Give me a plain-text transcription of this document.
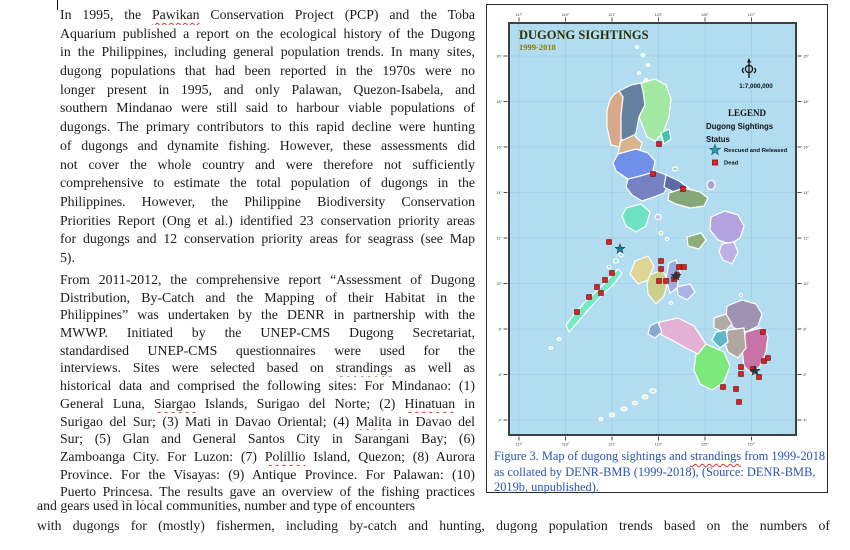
In 1995, the Pawikan Conservation Project (PCP) and the Toba
Aquarium published a report on the ecological history of the Dugong
in the Philippines, including general population trends. In many sites,
dugong populations that had been reported in the 1970s were no
longer present in 1995, and only Palawan, Quezon-Isabela, and
southern Mindanao were still said to harbour viable populations of
dugongs. The primary contributors to this rapid decline were hunting
of dugongs and dynamite fishing. However, these assessments did
not cover the whole country and were therefore not sufficiently
comprehensive to estimate the total population of dugongs in the
Philippines. However, the Philippine Biodiversity Conservation
Priorities Report (Ong et al.) identified 23 conservation priority areas
for dugongs and 12 conservation priority areas for seagrass (see Map
5).
From 2011-2012, the comprehensive report “Assessment of Dugong
Distribution, By-Catch and the Mapping of their Habitat in the
Philippines” was undertaken by the DENR in partnership with the
MWWP. Initiated by the UNEP-CMS Dugong Secretariat,
standardised UNEP-CMS questionnaires were used for the
interviews. Sites were selected based on strandings as well as
historical data and comprised the following sites: For Mindanao: (1)
General Luna, Siargao Islands, Surigao del Norte; (2) Hinatuan in
Surigao del Sur; (3) Mati in Davao Oriental; (4) Malita in Davao del
Sur; (5) Glan and General Santos City in Sarangani Bay; (6)
Zamboanga City. For Luzon: (7) Polillio Island, Quezon; (8) Aurora
Province. For the Visayas: (9) Antique Province. For Palawan: (10)
Puerto Princesa. The results gave an overview of the fishing practices
and gears used in local communities, number and type of encounters
with dugongs for (mostly) fishermen, including by-catch and hunting, dugong population trends based on the numbers of
117°
117°
119°
119°
121°
121°
123°
123°
125°
125°
127°
127°
20°	20°
18°	18°
16°	16°
14°	14°
12°	12°
10°	10°
8°	8°
6°	6°
4°	4°
DUGONG SIGHTINGS
1999-2018
1:7,000,000
LEGEND
Dugong Sightings
Status
Rescued and Released
Dead
Figure 3. Map of dugong sightings and strandings from 1999-2018
as collated by DENR-BMB (1999-2018), (Source: DENR-BMB,
2019b, unpublished).
